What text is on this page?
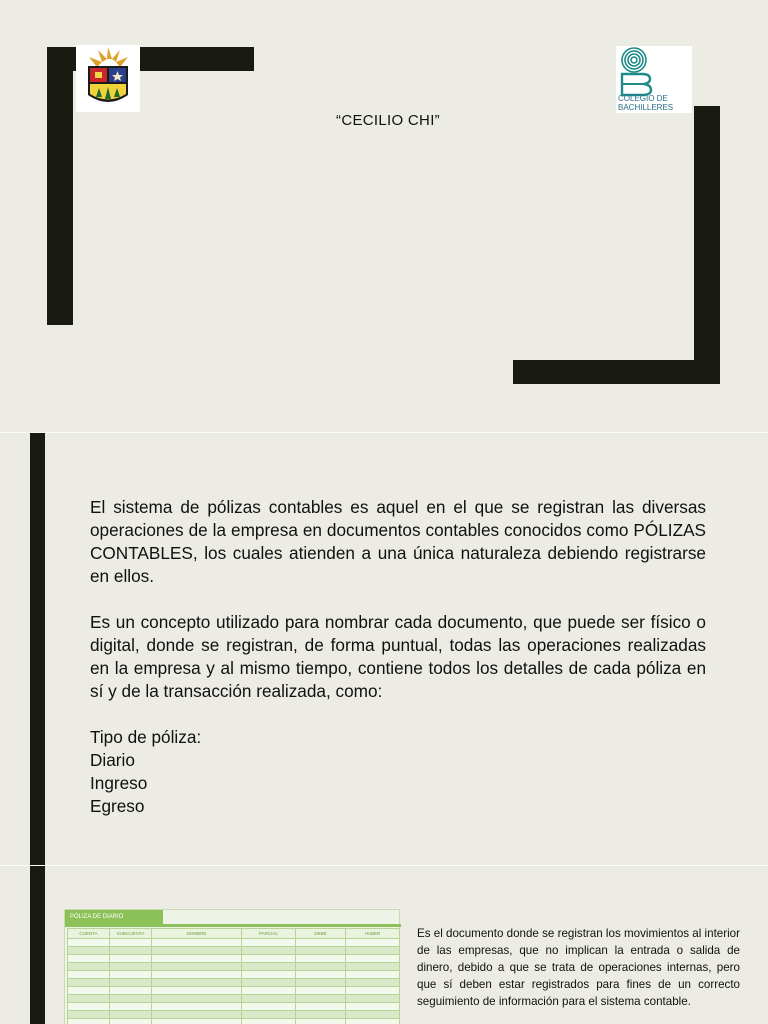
COLEGIO DE
BACHILLERES
“CECILIO CHI”
El sistema de pólizas contables es aquel en el que se registran las diversas operaciones de la empresa en documentos contables conocidos como PÓLIZAS CONTABLES, los cuales atienden a una única naturaleza debiendo registrarse en ellos.
Es un concepto utilizado para nombrar cada documento, que puede ser físico o digital, donde se registran, de forma puntual, todas las operaciones realizadas en la empresa y al mismo tiempo, contiene todos los detalles de cada póliza en sí y de la transacción realizada, como:
Tipo de póliza:
Diario
Ingreso
Egreso
PÓLIZA DE DIARIO
CUENTA	SUBCUENTA	NOMBRE	PARCIAL	DEBE	HABER

						Es el documento donde se registran los movimientos al interior de las empresas, que no implican la entrada o salida de dinero, debido a que se trata de operaciones internas, pero que sí deben estar registrados para fines de un correcto seguimiento de información para el sistema contable.
